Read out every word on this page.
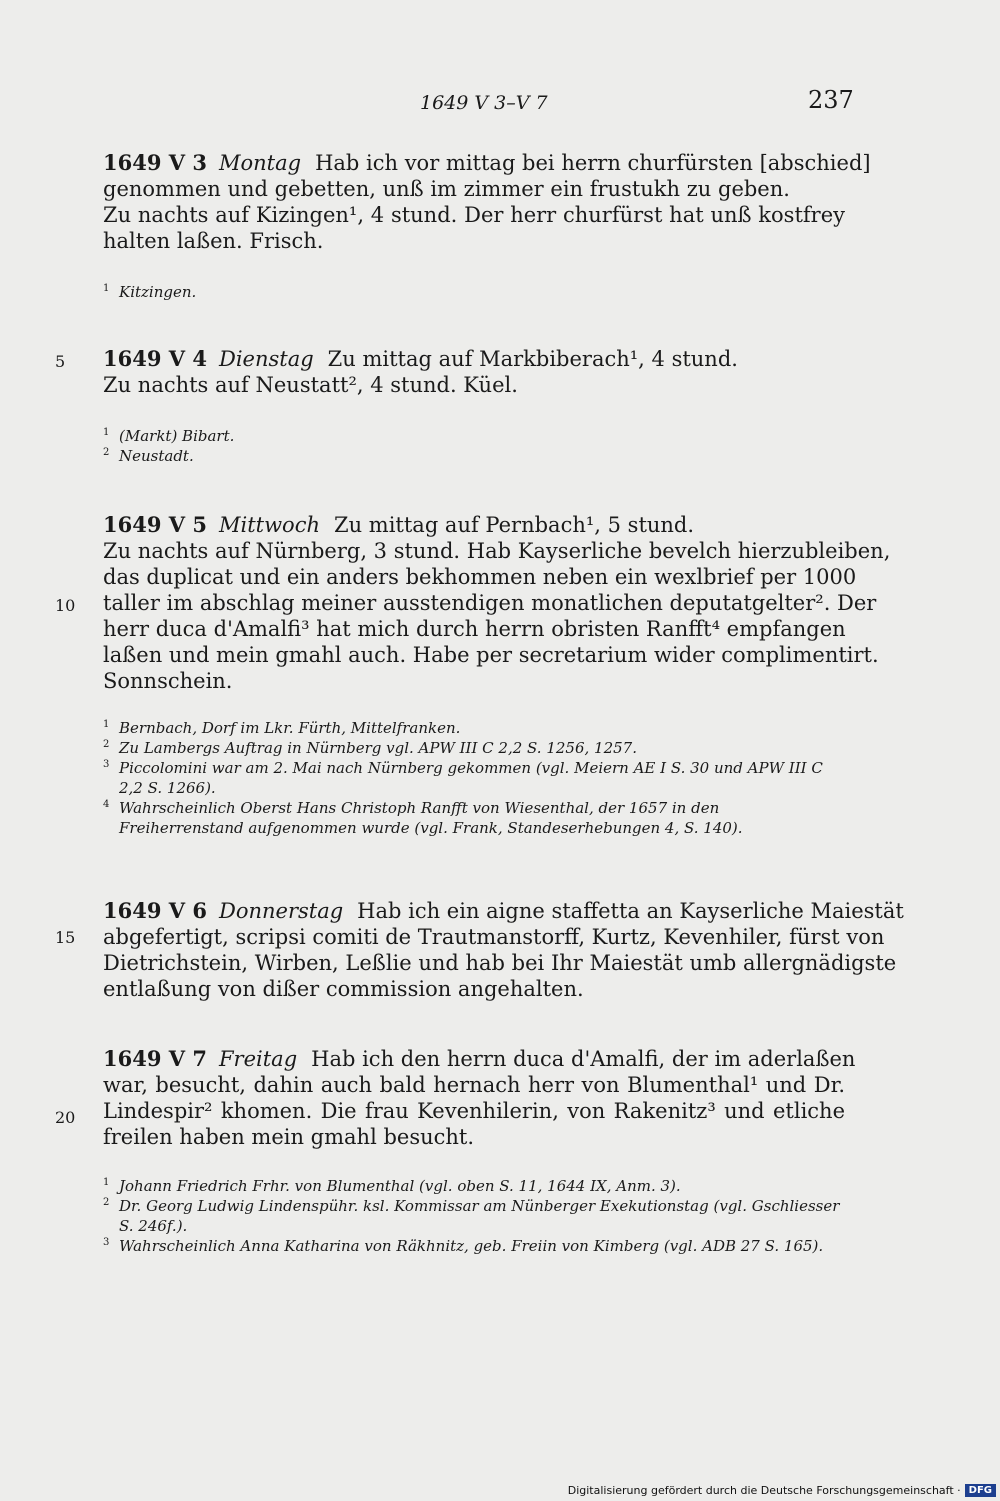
1649 V 3–V 7	237
1649 V 3 Montag Hab ich vor mittag bei herrn churfürsten [abschied]
genommen und gebetten, unß im zimmer ein frustukh zu geben.
Zu nachts auf Kizingen¹, 4 stund. Der herr churfürst hat unß kostfrey
halten laßen. Frisch.
1 Kitzingen.
5 1649 V 4 Dienstag Zu mittag auf Markbiberach¹, 4 stund.
Zu nachts auf Neustatt², 4 stund. Küel.
1 (Markt) Bibart.
2 Neustadt.
10
1649 V 5 Mittwoch Zu mittag auf Pernbach¹, 5 stund.
Zu nachts auf Nürnberg, 3 stund. Hab Kayserliche bevelch hierzubleiben,
das duplicat und ein anders bekhommen neben ein wexlbrief per 1000
taller im abschlag meiner ausstendigen monatlichen deputatgelter². Der
herr duca d'Amalfi³ hat mich durch herrn obristen Ranfft⁴ empfangen
laßen und mein gmahl auch. Habe per secretarium wider complimentirt.
Sonnschein.
1 Bernbach, Dorf im Lkr. Fürth, Mittelfranken.
2 Zu Lambergs Auftrag in Nürnberg vgl. APW III C 2,2 S. 1256, 1257.
3 Piccolomini war am 2. Mai nach Nürnberg gekommen (vgl. Meiern AE I S. 30 und APW III C 2,2 S. 1266).
4 Wahrscheinlich Oberst Hans Christoph Ranfft von Wiesenthal, der 1657 in den Freiherrenstand aufgenommen wurde (vgl. Frank, Standeserhebungen 4, S. 140).
15
1649 V 6 Donnerstag Hab ich ein aigne staffetta an Kayserliche Maiestät
abgefertigt, scripsi comiti de Trautmanstorff, Kurtz, Kevenhiler, fürst von
Dietrichstein, Wirben, Leßlie und hab bei Ihr Maiestät umb allergnädigste
entlaßung von dißer commission angehalten.
20
1649 V 7 Freitag Hab ich den herrn duca d'Amalfi, der im aderlaßen
war, besucht, dahin auch bald hernach herr von Blumenthal¹ und Dr.
Lindespir² khomen. Die frau Kevenhilerin, von Rakenitz³ und etliche
freilen haben mein gmahl besucht.
1 Johann Friedrich Frhr. von Blumenthal (vgl. oben S. 11, 1644 IX, Anm. 3).
2 Dr. Georg Ludwig Lindenspühr. ksl. Kommissar am Nünberger Exekutionstag (vgl. Gschliesser S. 246f.).
3 Wahrscheinlich Anna Katharina von Räkhnitz, geb. Freiin von Kimberg (vgl. ADB 27 S. 165).
Digitalisierung gefördert durch die Deutsche Forschungsgemeinschaft · DFG
